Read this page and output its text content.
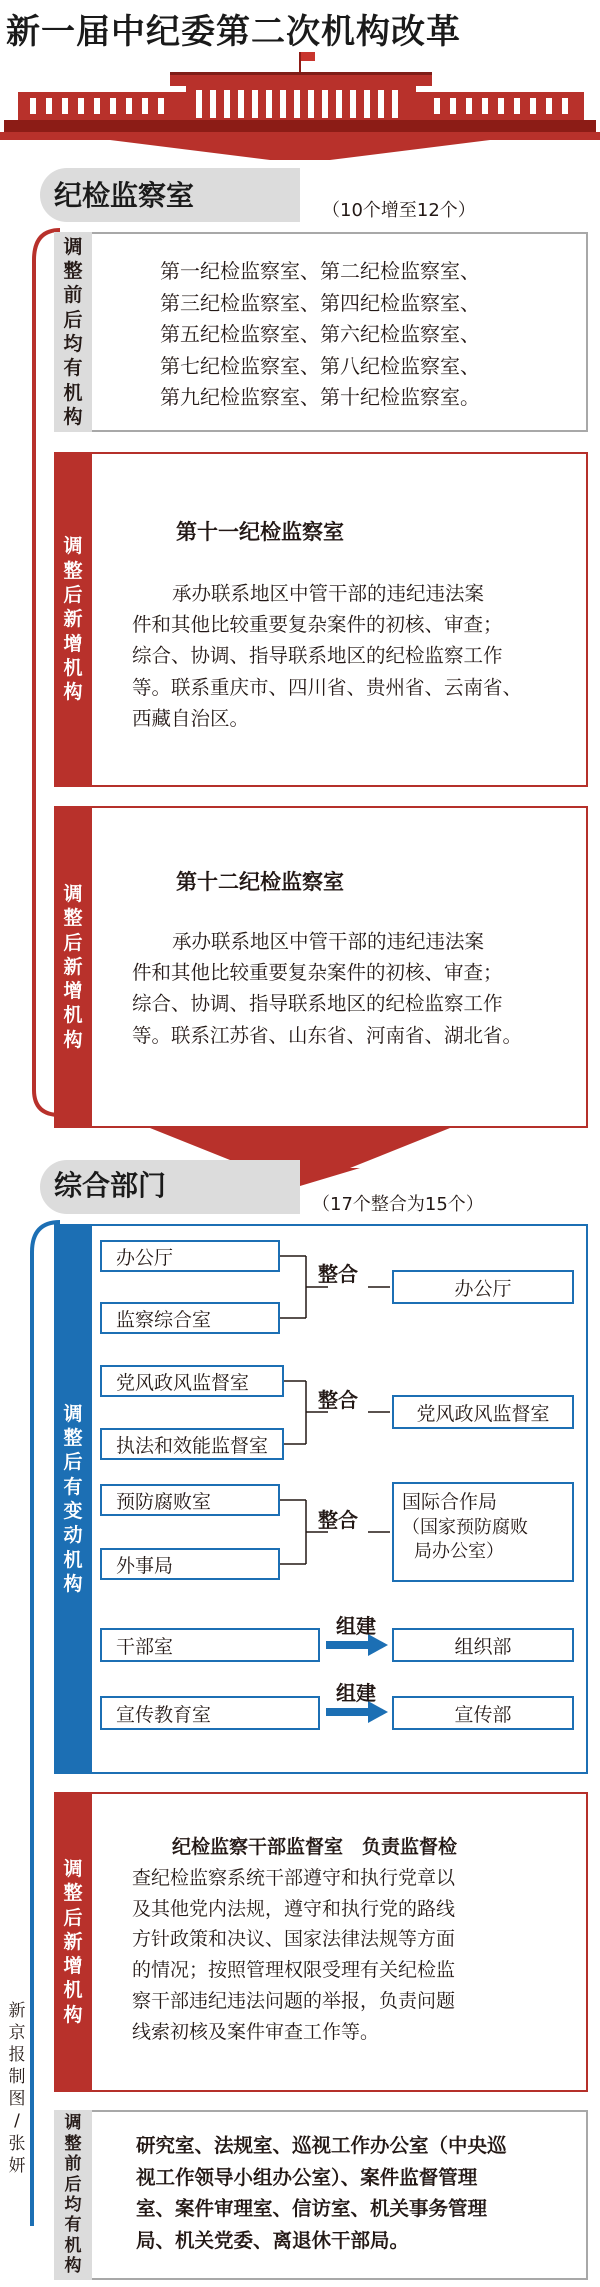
新一届中纪委第二次机构改革
纪检监察室	（10个增至12个）
调
整
前
后
均
有
机
构
第一纪检监察室、第二纪检监察室、
第三纪检监察室、第四纪检监察室、
第五纪检监察室、第六纪检监察室、
第七纪检监察室、第八纪检监察室、
第九纪检监察室、第十纪检监察室。
调
整
后
新
增
机
构
第十一纪检监察室
承办联系地区中管干部的违纪违法案
件和其他比较重要复杂案件的初核、审查；
综合、协调、指导联系地区的纪检监察工作
等。联系重庆市、四川省、贵州省、云南省、
西藏自治区。
调
整
后
新
增
机
构
第十二纪检监察室
承办联系地区中管干部的违纪违法案
件和其他比较重要复杂案件的初核、审查；
综合、协调、指导联系地区的纪检监察工作
等。联系江苏省、山东省、河南省、湖北省。
综合部门
（17个整合为15个）
调
整
后
有
变
动
机
构
办公厅
监察综合室
整合
办公厅
党风政风监督室
执法和效能监督室
整合
党风政风监督室
预防腐败室
外事局
整合
国际合作局
（国家预防腐败
局办公室）
干部室
组建
组织部
宣传教育室
组建
宣传部
调
整
后
新
增
机
构
纪检监察干部监督室　负责监督检
查纪检监察系统干部遵守和执行党章以
及其他党内法规，遵守和执行党的路线
方针政策和决议、国家法律法规等方面
的情况；按照管理权限受理有关纪检监
察干部违纪违法问题的举报，负责问题
线索初核及案件审查工作等。
调
整
前
后
均
有
机
构
研究室、法规室、巡视工作办公室（中央巡
视工作领导小组办公室）、案件监督管理
室、案件审理室、信访室、机关事务管理
局、机关党委、离退休干部局。
新
京
报
制
图
/
张
妍
